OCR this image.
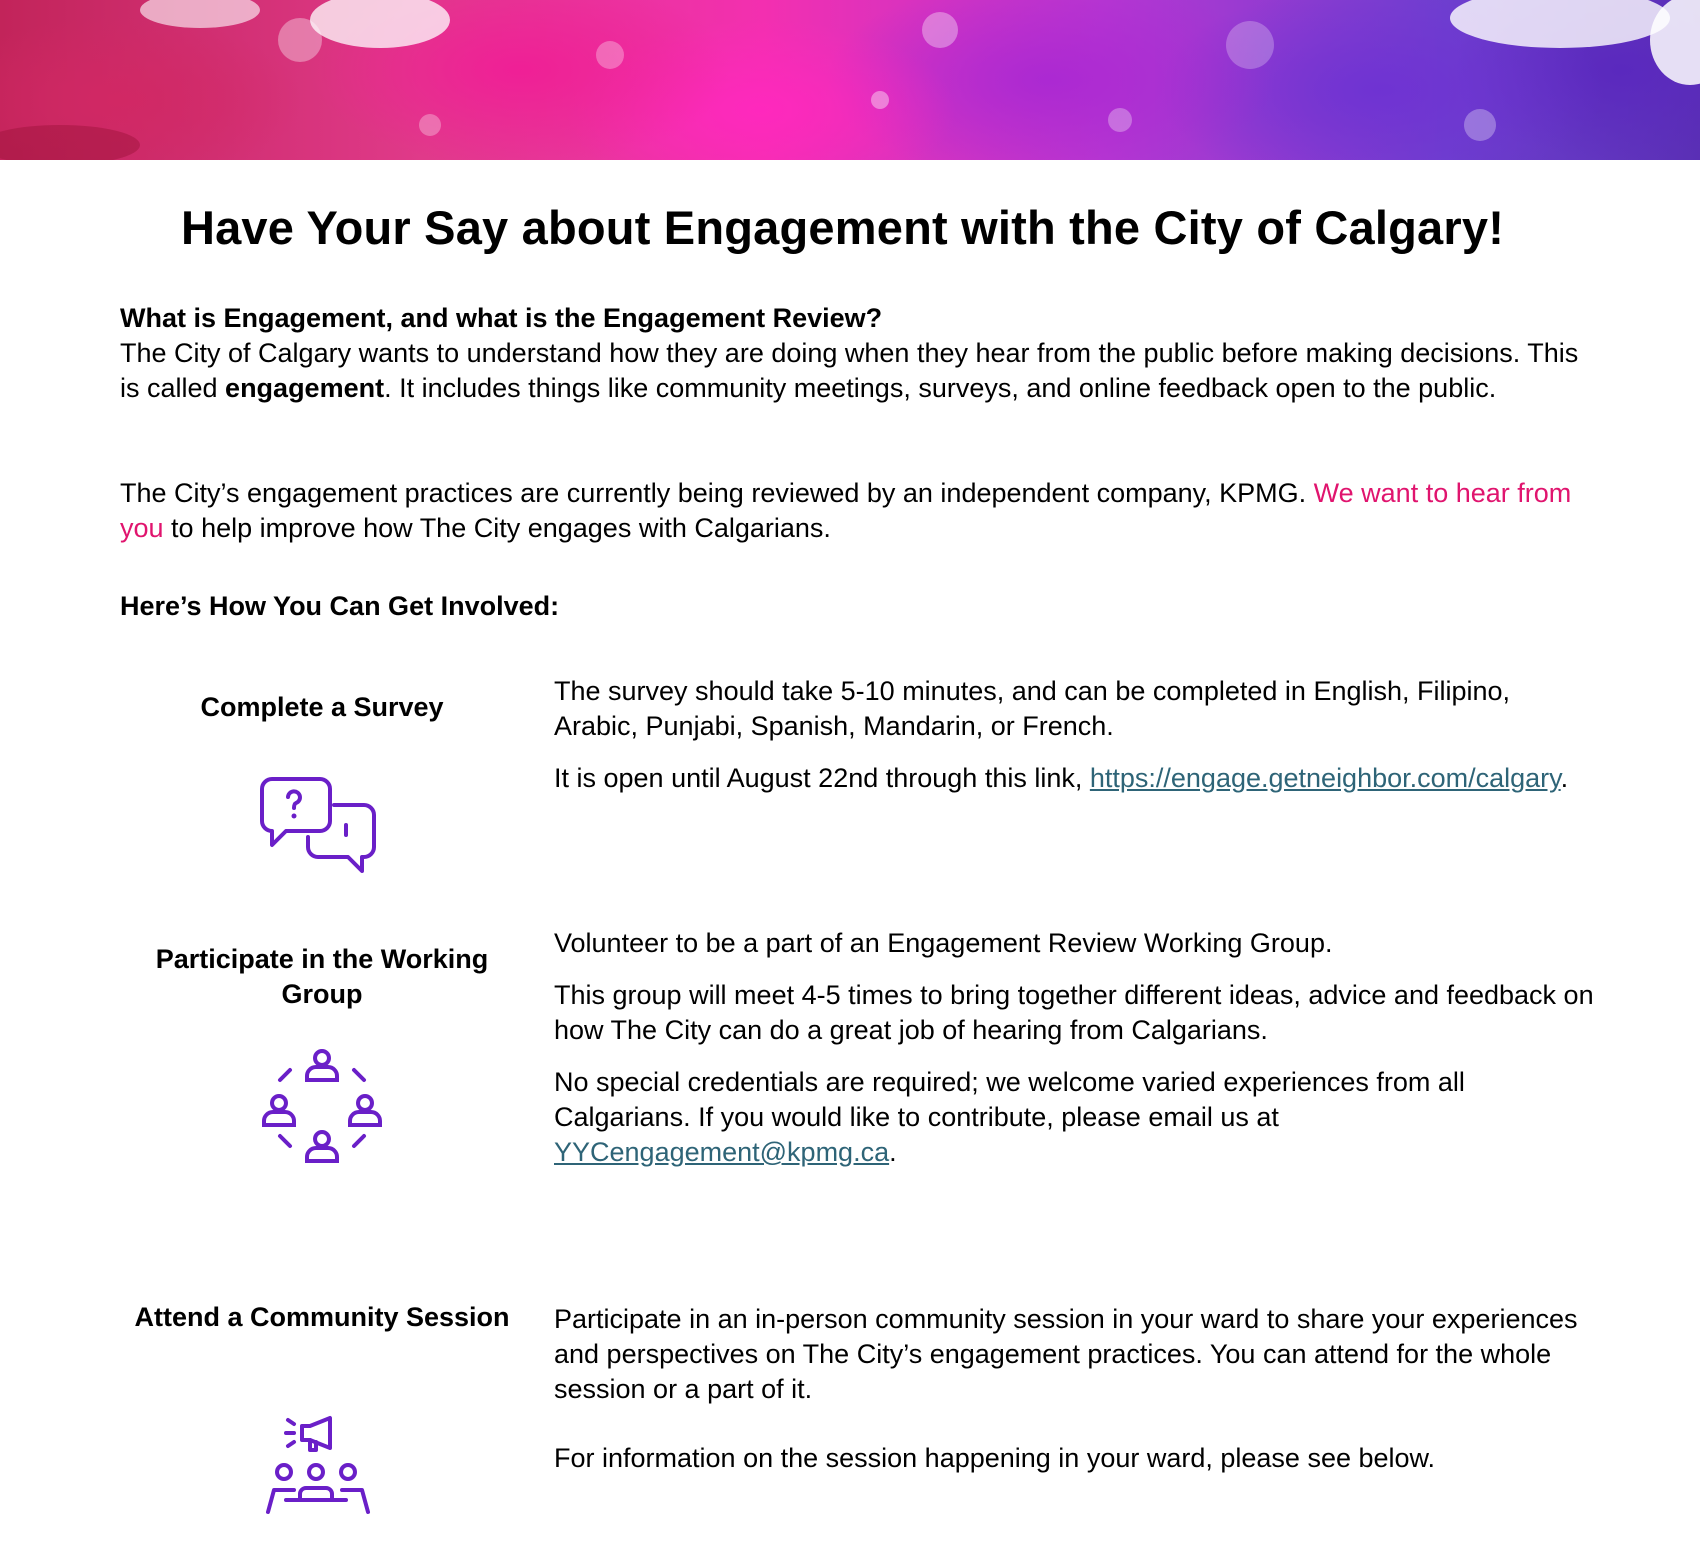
Have Your Say about Engagement with the City of Calgary!
What is Engagement, and what is the Engagement Review?
The City of Calgary wants to understand how they are doing when they hear from the public before making decisions. This is called engagement. It includes things like community meetings, surveys, and online feedback open to the public.
The City’s engagement practices are currently being reviewed by an independent company, KPMG. We want to hear from you to help improve how The City engages with Calgarians.
Here’s How You Can Get Involved:
Complete a Survey

The survey should take 5-10 minutes, and can be completed in English, Filipino, Arabic, Punjabi, Spanish, Mandarin, or French.

It is open until August 22nd through this link, https://engage.getneighbor.com/calgary.

Participate in the Working Group

Volunteer to be a part of an Engagement Review Working Group.

This group will meet 4-5 times to bring together different ideas, advice and feedback on how The City can do a great job of hearing from Calgarians.

No special credentials are required; we welcome varied experiences from all Calgarians. If you would like to contribute, please email us at YYCengagement@kpmg.ca.

Attend a Community Session	Participate in an in-person community session in your ward to share your experiences and perspectives on The City’s engagement practices. You can attend for the whole session or a part of it.

For information on the session happening in your ward, please see below.
